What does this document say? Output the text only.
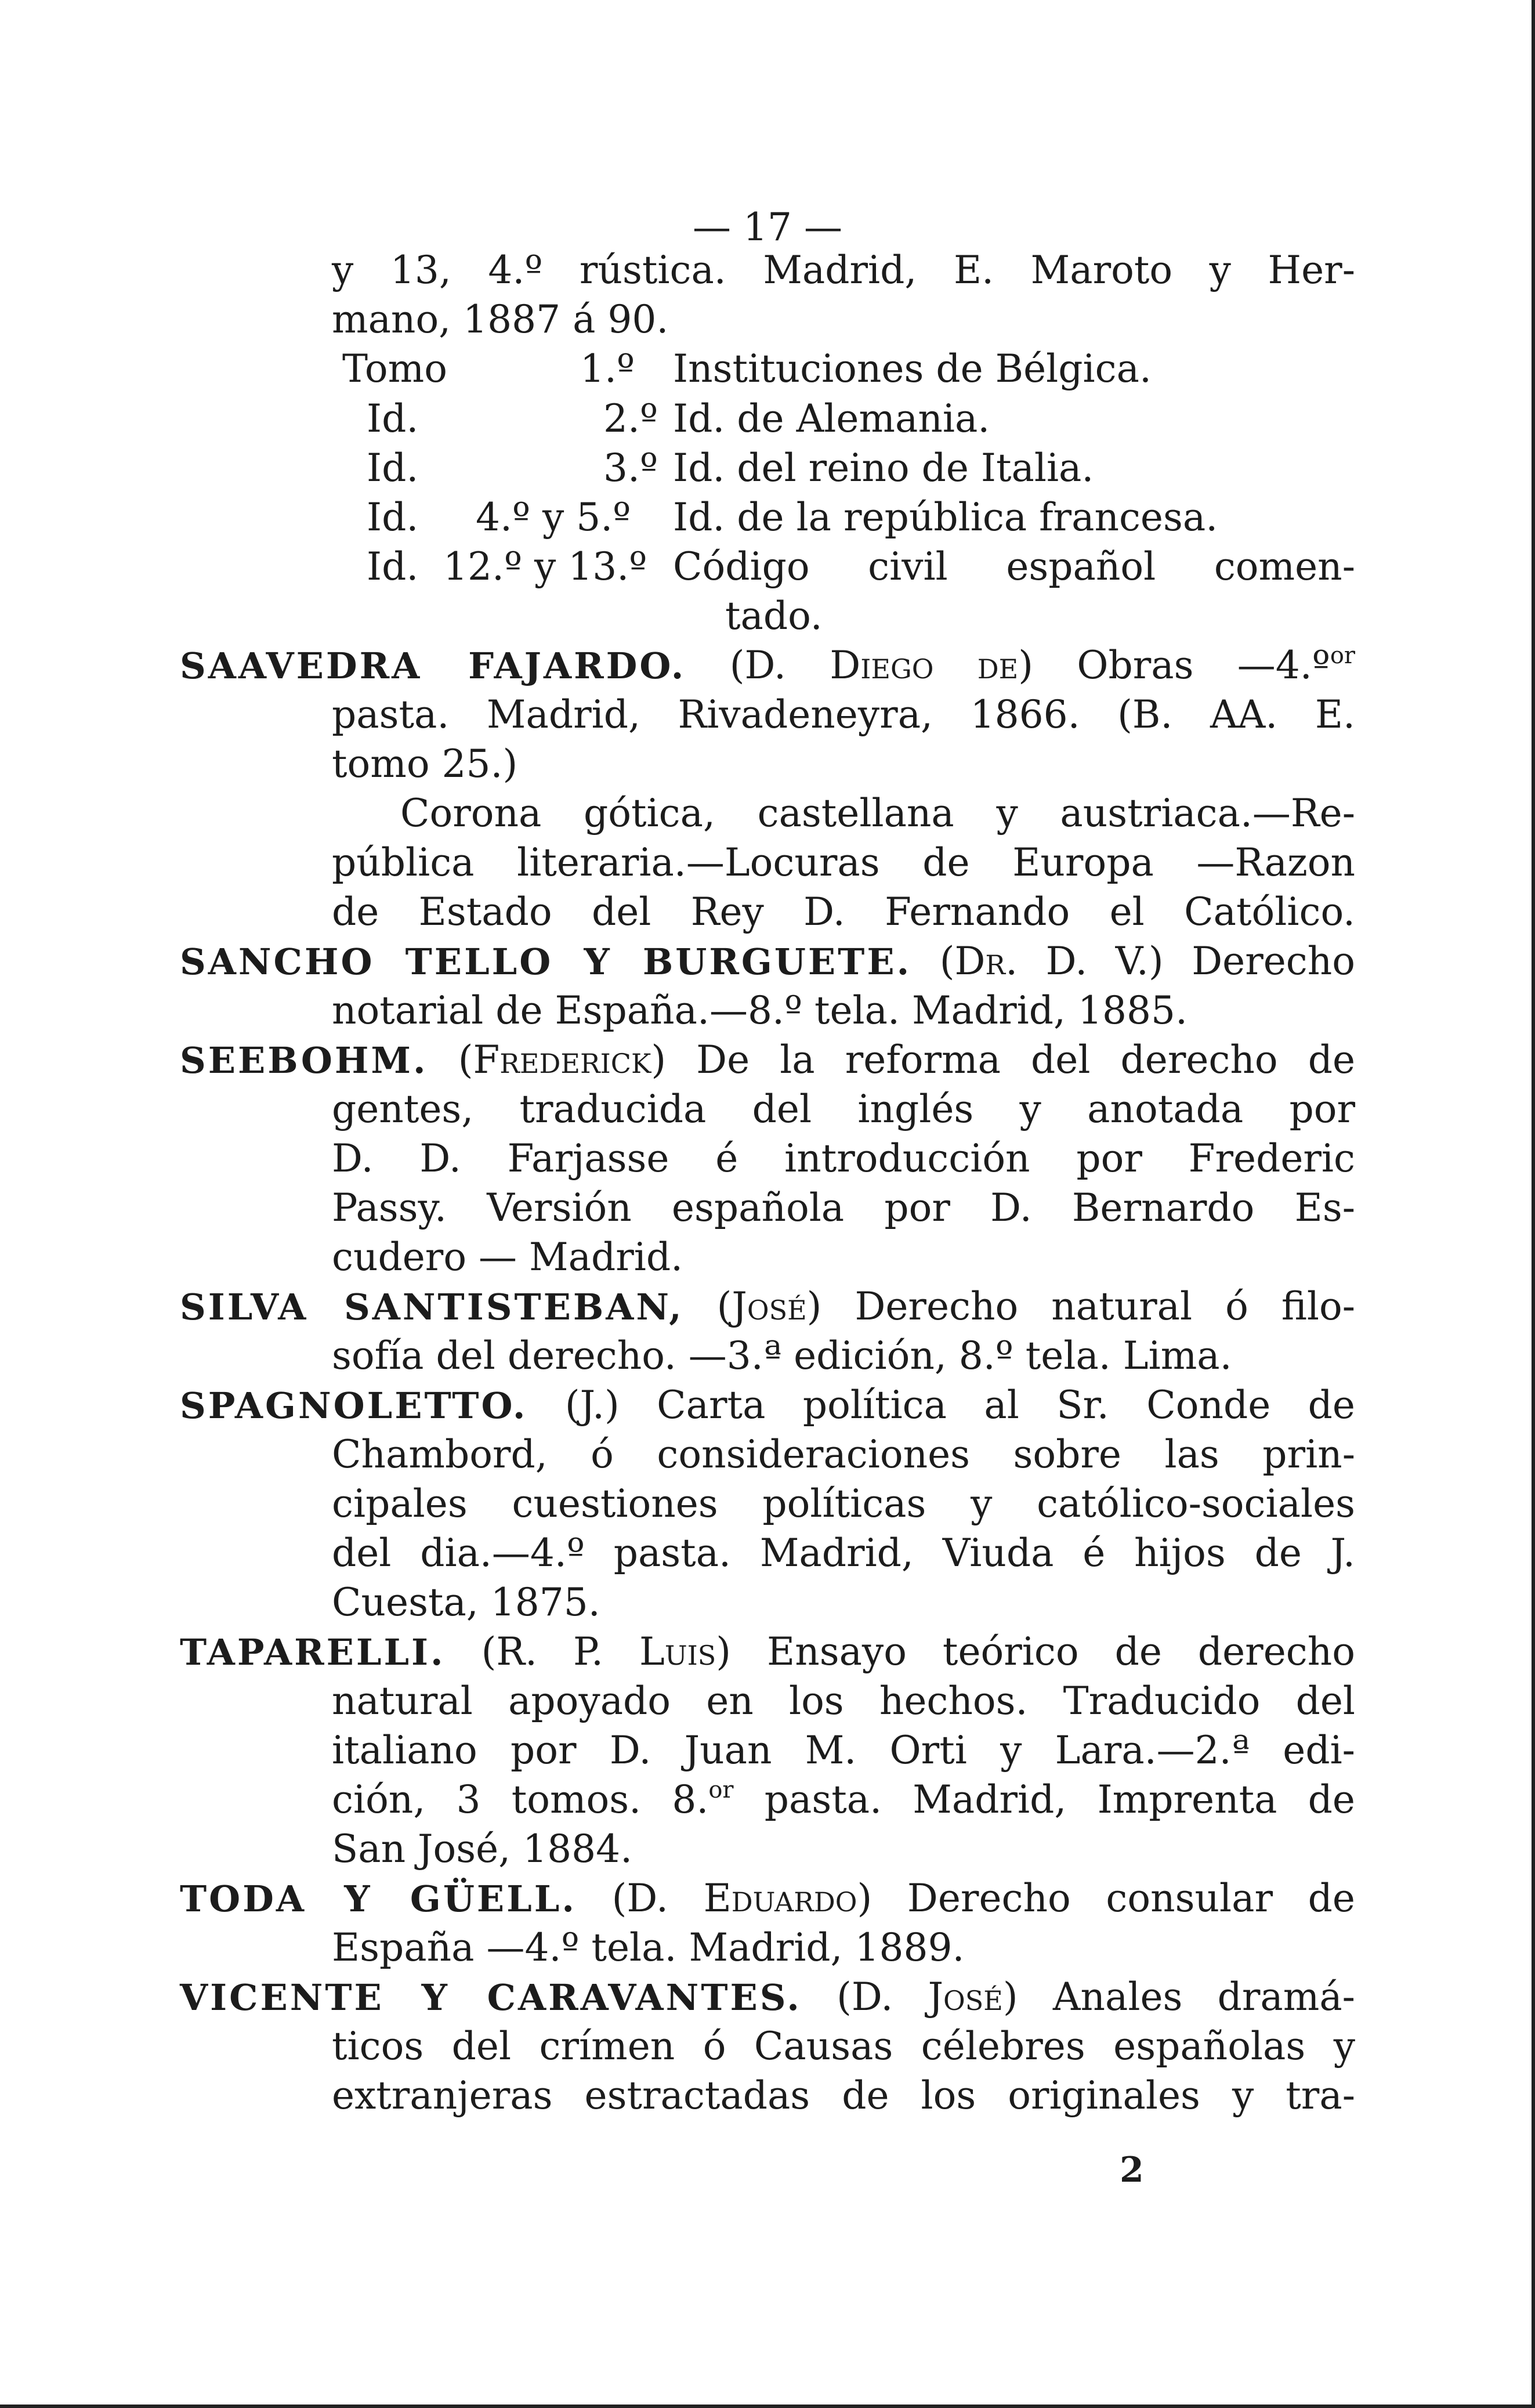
— 17 —
y 13, 4.º rústica. Madrid, E. Maroto y Her-
mano, 1887 á 90.
Tomo	1.º Instituciones de Bélgica.
Id.	2.º Id. de Alemania.
Id.	3.º Id. del reino de Italia.
Id. 4.º y 5.º Id. de la república francesa.
Id. 12.º y 13.º Código civil español comen-
tado.
SAAVEDRA FAJARDO. (D. Diego de) Obras —4.º$^{or}$
pasta. Madrid, Rivadeneyra, 1866. (B. AA. E.
tomo 25.)
Corona gótica, castellana y austriaca.—Re-
pública literaria.—Locuras de Europa —Razon
de Estado del Rey D. Fernando el Católico.
SANCHO TELLO Y BURGUETE. (Dr. D. V.) Derecho
notarial de España.—8.º tela. Madrid, 1885.
SEEBOHM. (Frederick) De la reforma del derecho de
gentes, traducida del inglés y anotada por
D. D. Farjasse é introducción por Frederic
Passy. Versión española por D. Bernardo Es-
cudero — Madrid.
SILVA SANTISTEBAN, (José) Derecho natural ó filo-
sofía del derecho. —3.ª edición, 8.º tela. Lima.
SPAGNOLETTO. (J.) Carta política al Sr. Conde de
Chambord, ó consideraciones sobre las prin-
cipales cuestiones políticas y católico-sociales
del dia.—4.º pasta. Madrid, Viuda é hijos de J.
Cuesta, 1875.
TAPARELLI. (R. P. Luis) Ensayo teórico de derecho
natural apoyado en los hechos. Traducido del
italiano por D. Juan M. Orti y Lara.—2.ª edi-
ción, 3 tomos. 8.$^{or}$ pasta. Madrid, Imprenta de
San José, 1884.
TODA Y GÜELL. (D. Eduardo) Derecho consular de
España —4.º tela. Madrid, 1889.
VICENTE Y CARAVANTES. (D. José) Anales dramá-
ticos del crímen ó Causas célebres españolas y
extranjeras estractadas de los originales y tra-
2
